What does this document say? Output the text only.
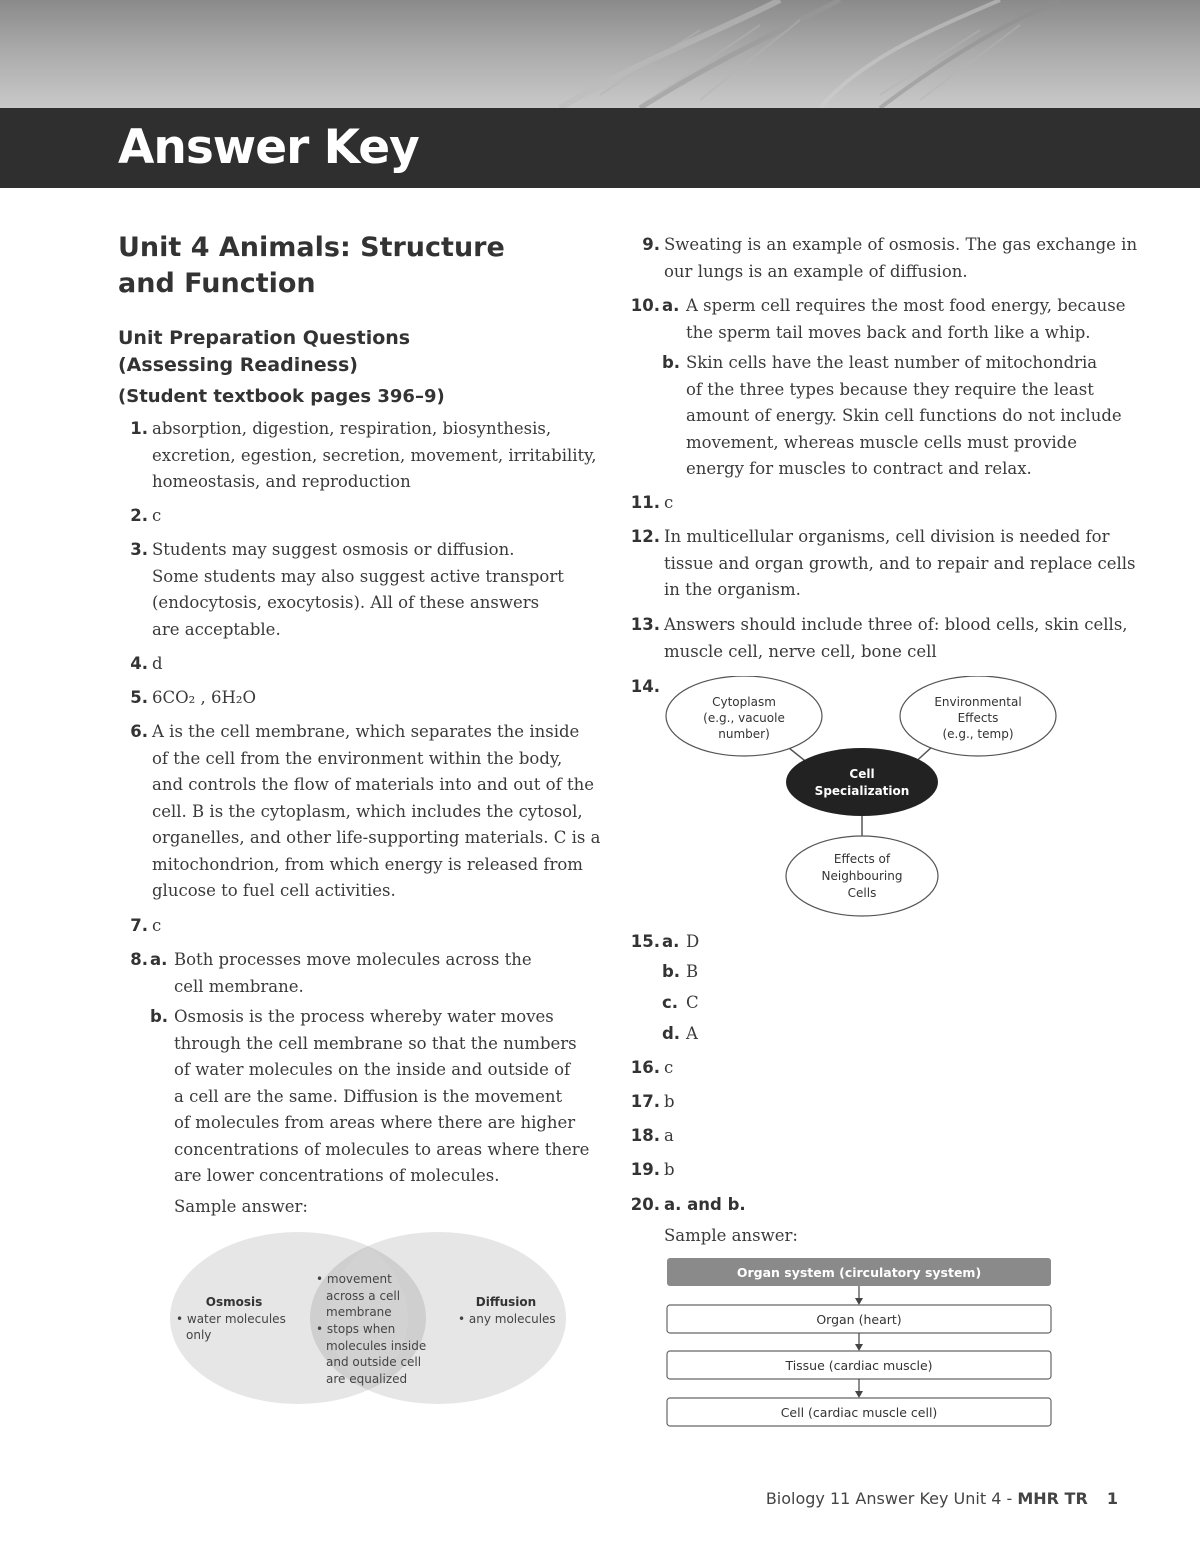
Answer Key
Unit 4 Animals: Structure
and Function
Unit Preparation Questions
(Assessing Readiness)
(Student textbook pages 396–9)
1. absorption, digestion, respiration, biosynthesis,
excretion, egestion, secretion, movement, irritability,
homeostasis, and reproduction
2. c
3. Students may suggest osmosis or diffusion.
Some students may also suggest active transport
(endocytosis, exocytosis). All of these answers
are acceptable.
4. d
5. 6CO₂ , 6H₂O
6. A is the cell membrane, which separates the inside
of the cell from the environment within the body,
and controls the flow of materials into and out of the
cell. B is the cytoplasm, which includes the cytosol,
organelles, and other life-supporting materials. C is a
mitochondrion, from which energy is released from
glucose to fuel cell activities.
7. c
8. a. Both processes move molecules across the
cell membrane.
b. Osmosis is the process whereby water moves
through the cell membrane so that the numbers
of water molecules on the inside and outside of
a cell are the same. Diffusion is the movement
of molecules from areas where there are higher
concentrations of molecules to areas where there
are lower concentrations of molecules.
Sample answer:
Osmosis
• water molecules
only
• movement
across a cell
membrane
• stops when
molecules inside
and outside cell
are equalized
Diffusion
• any molecules
9. Sweating is an example of osmosis. The gas exchange in
our lungs is an example of diffusion.
10. a. A sperm cell requires the most food energy, because
the sperm tail moves back and forth like a whip.
b. Skin cells have the least number of mitochondria
of the three types because they require the least
amount of energy. Skin cell functions do not include
movement, whereas muscle cells must provide
energy for muscles to contract and relax.
11. c
12. In multicellular organisms, cell division is needed for
tissue and organ growth, and to repair and replace cells
in the organism.
13. Answers should include three of: blood cells, skin cells,
muscle cell, nerve cell, bone cell
14.
Cytoplasm
(e.g., vacuole
number)
Environmental
Effects
(e.g., temp)
Cell
Specialization
Effects of
Neighbouring
Cells
15. a. D
b. B
c. C
d. A
16. c
17. b
18. a
19. b
20. a. and b.
Sample answer:
Organ system (circulatory system)
Organ (heart)
Tissue (cardiac muscle)
Cell (cardiac muscle cell)
Biology 11 Answer Key Unit 4 - MHR TR 1
